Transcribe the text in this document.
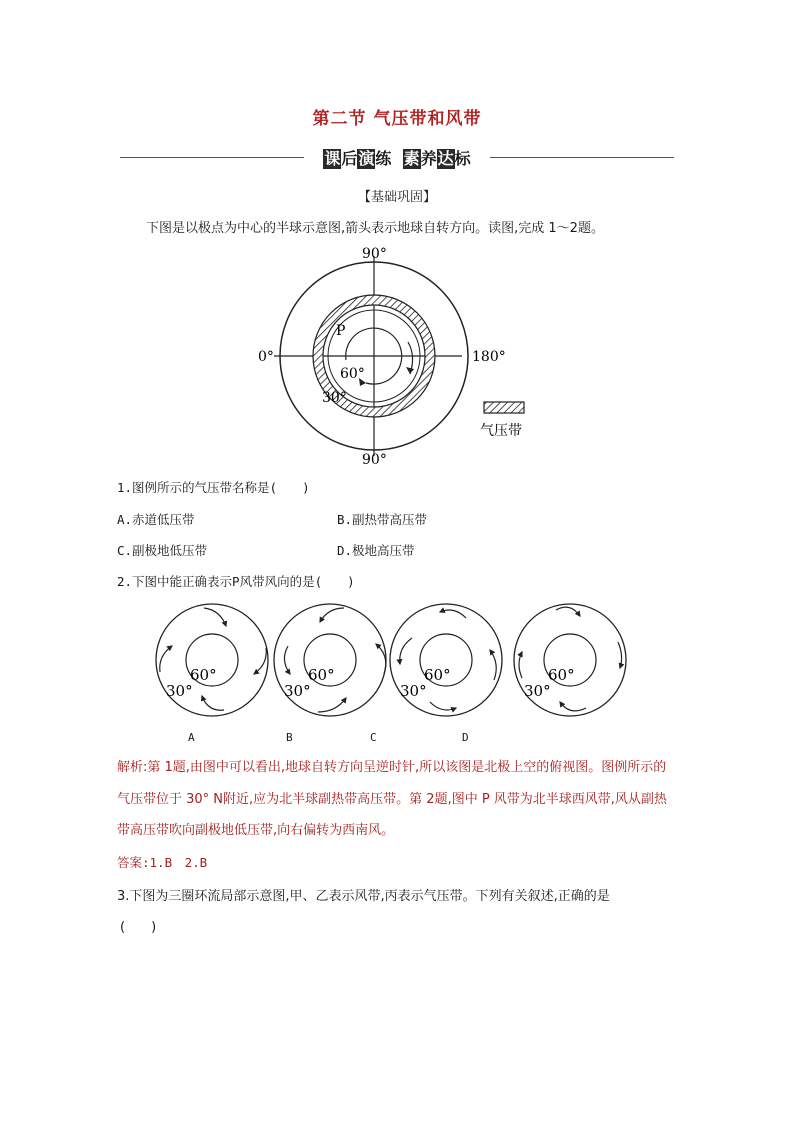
第二节 气压带和风带
课后演练 素养达标
【基础巩固】
下图是以极点为中心的半球示意图,箭头表示地球自转方向。读图,完成 1～2题。
90°
90°
0°	180°
P
60°
30°
气压带
1.图例所示的气压带名称是(　　)
A.赤道低压带	B.副热带高压带
C.副极地低压带	D.极地高压带
2.下图中能正确表示P风带风向的是(　　)
60°
30°
60°
30°
60°
30°
60°
30°
A	B	C	D
解析:第 1题,由图中可以看出,地球自转方向呈逆时针,所以该图是北极上空的俯视图。图例所示的气压带位于 30° N附近,应为北半球副热带高压带。第 2题,图中 P 风带为北半球西风带,风从副热带高压带吹向副极地低压带,向右偏转为西南风。
答案:1.B　2.B
3.下图为三圈环流局部示意图,甲、乙表示风带,丙表示气压带。下列有关叙述,正确的是
(　　)
